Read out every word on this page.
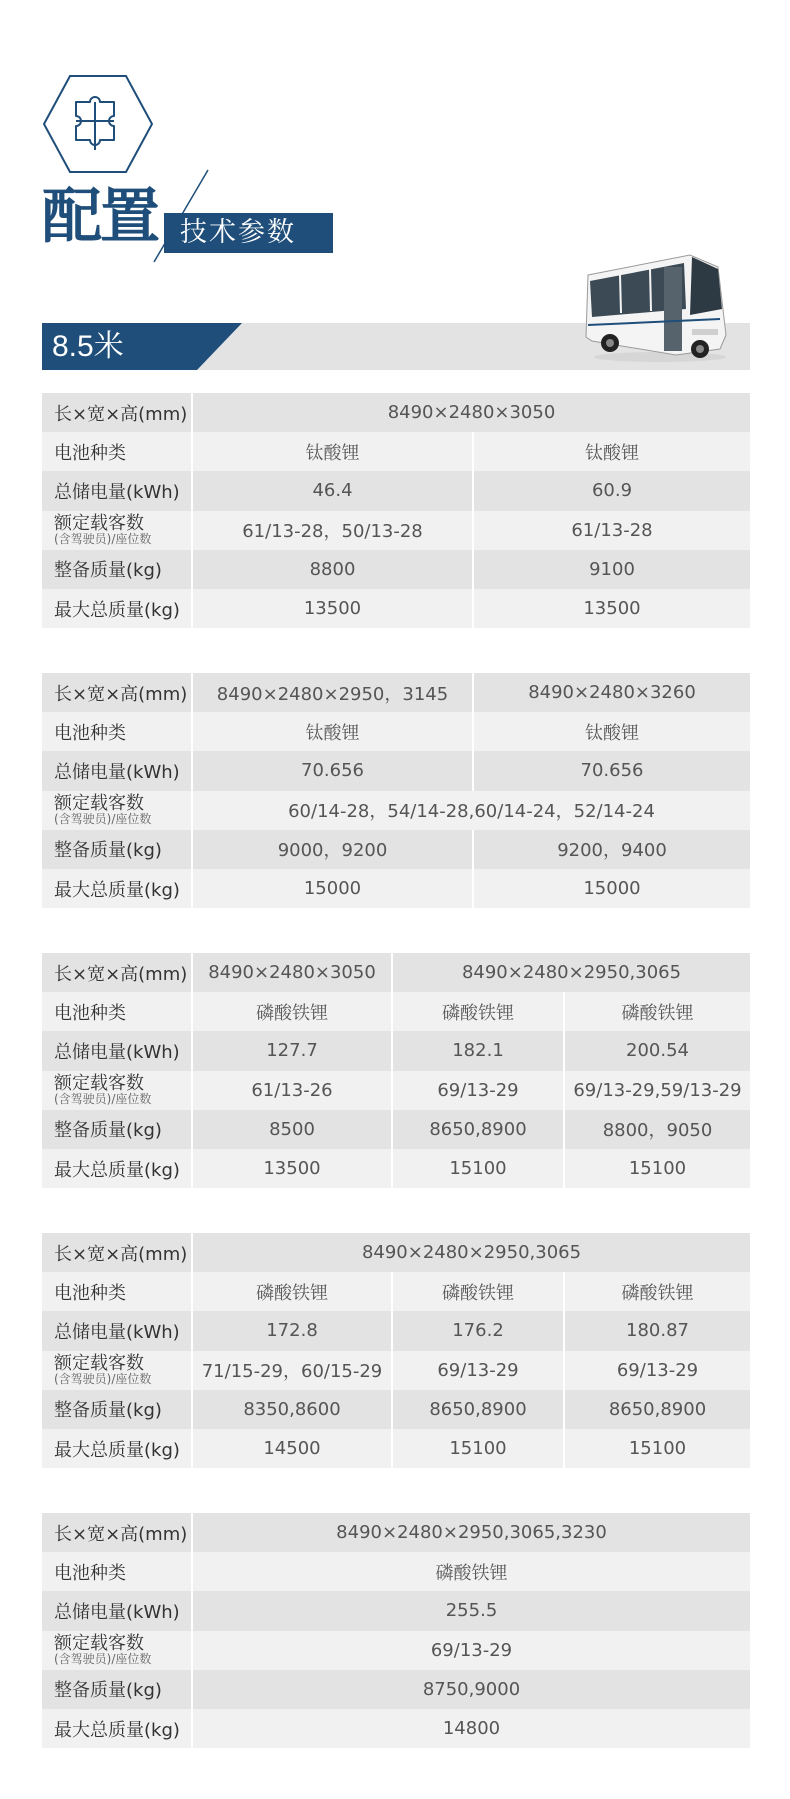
配置 技术参数
8.5米
长×宽×高(mm)	8490×2480×3050	
电池种类	钛酸锂	钛酸锂
总储电量(kWh)	46.4	60.9

额定载客数
(含驾驶员)/座位数	61/13-28，50/13-28	61/13-28
整备质量(kg)	8800	9100
最大总质量(kg)	13500	13500
长×宽×高(mm)	8490×2480×2950，3145	8490×2480×3260
电池种类	钛酸锂	钛酸锂
总储电量(kWh)	70.656	70.656

额定载客数
(含驾驶员)/座位数	60/14-28，54/14-28,60/14-24，52/14-24	
整备质量(kg)	9000，9200	9200，9400
最大总质量(kg)	15000	15000
长×宽×高(mm)	8490×2480×3050	8490×2480×2950,3065	
电池种类	磷酸铁锂	磷酸铁锂	磷酸铁锂
总储电量(kWh)	127.7	182.1	200.54

额定载客数
(含驾驶员)/座位数	61/13-26	69/13-29	69/13-29,59/13-29
整备质量(kg)	8500	8650,8900	8800，9050
最大总质量(kg)	13500	15100	15100
长×宽×高(mm)	8490×2480×2950,3065		
电池种类	磷酸铁锂	磷酸铁锂	磷酸铁锂
总储电量(kWh)	172.8	176.2	180.87

额定载客数
(含驾驶员)/座位数	71/15-29，60/15-29	69/13-29	69/13-29
整备质量(kg)	8350,8600	8650,8900	8650,8900
最大总质量(kg)	14500	15100	15100
长×宽×高(mm)	8490×2480×2950,3065,3230
电池种类	磷酸铁锂
总储电量(kWh)	255.5

额定载客数
(含驾驶员)/座位数	69/13-29
整备质量(kg)	8750,9000
最大总质量(kg)	14800
